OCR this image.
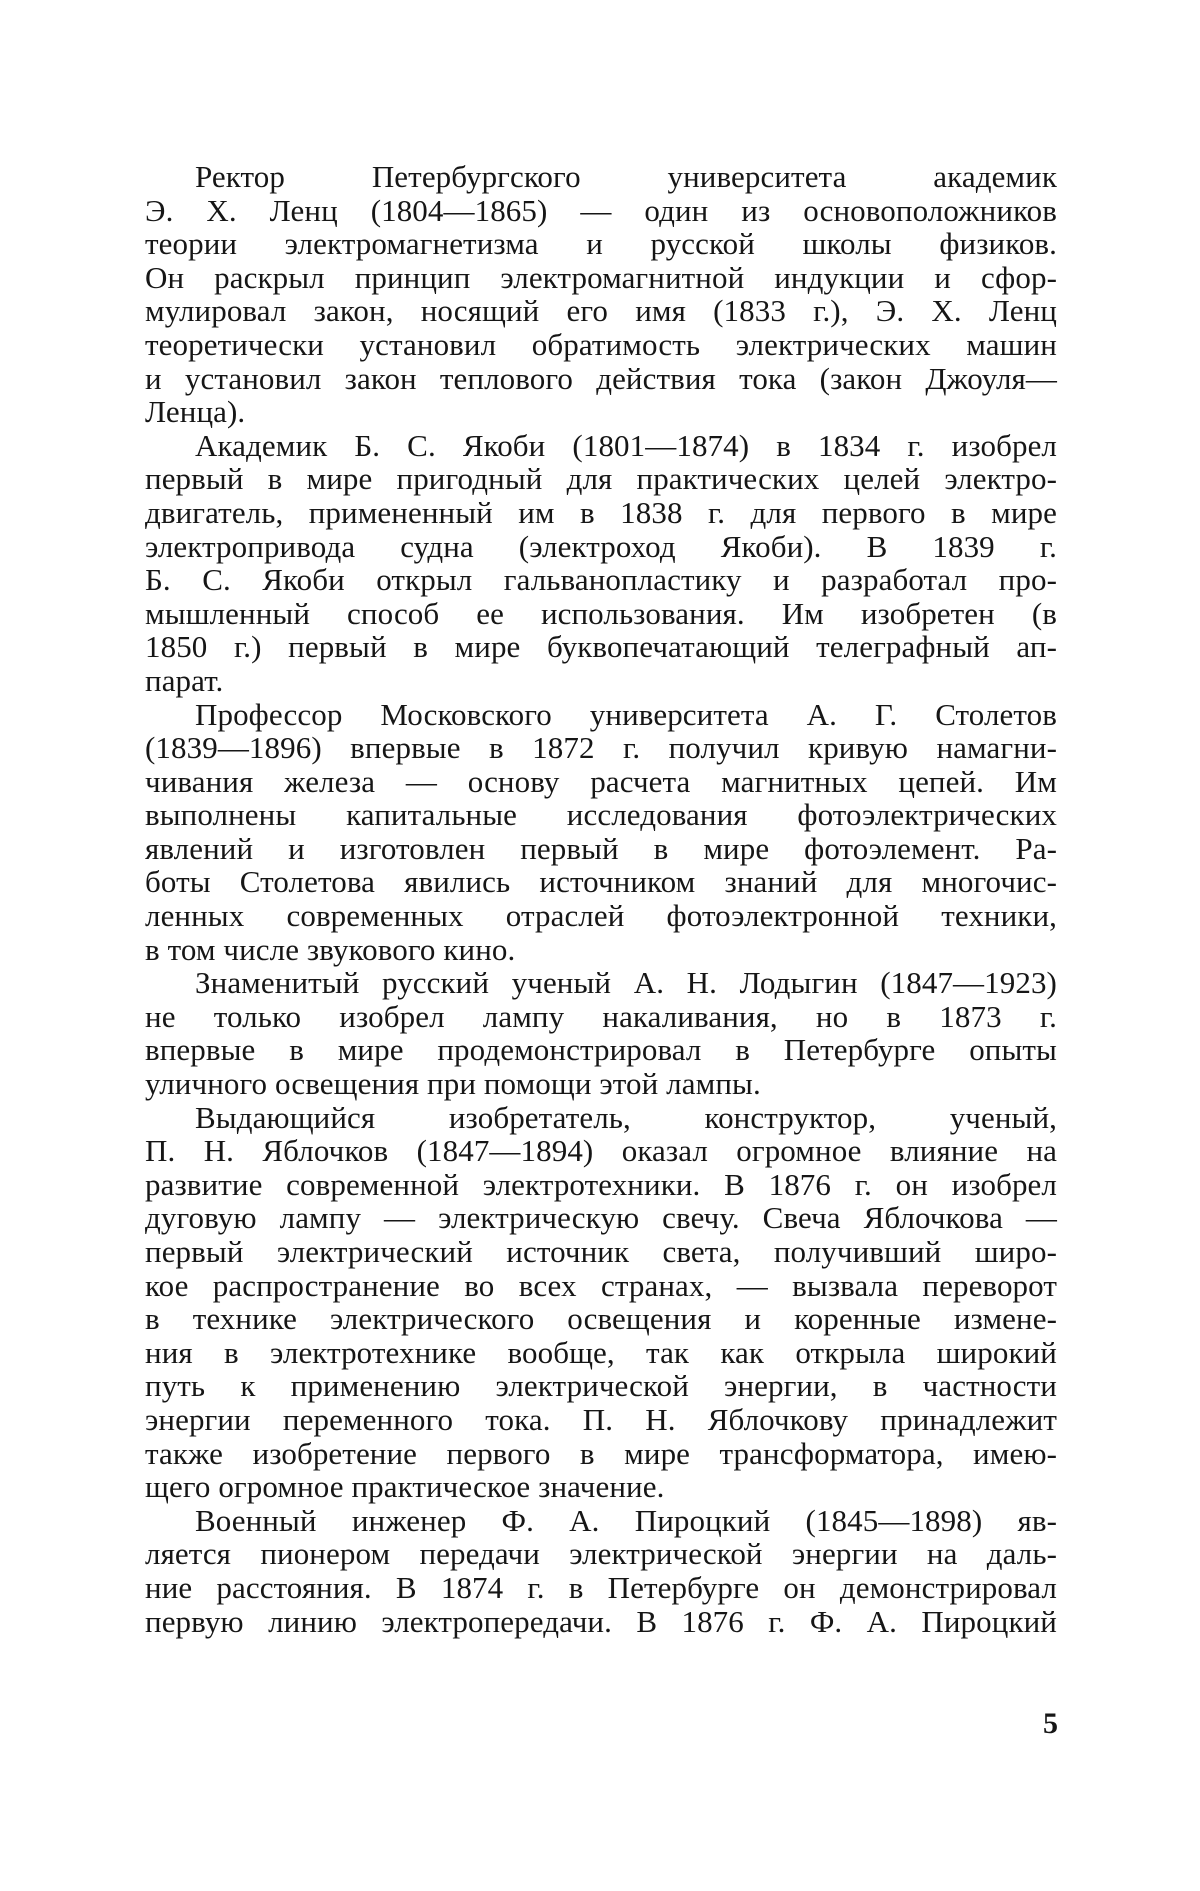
Ректор Петербургского университета академик
Э. Х. Ленц (1804—1865) — один из основоположников
теории электромагнетизма и русской школы физиков.
Он раскрыл принцип электромагнитной индукции и сфор-
мулировал закон, носящий его имя (1833 г.), Э. Х. Ленц
теоретически установил обратимость электрических машин
и установил закон теплового действия тока (закон Джоуля—
Ленца).

Академик Б. С. Якоби (1801—1874) в 1834 г. изобрел
первый в мире пригодный для практических целей электро-
двигатель, примененный им в 1838 г. для первого в мире
электропривода судна (электроход Якоби). В 1839 г.
Б. С. Якоби открыл гальванопластику и разработал про-
мышленный способ ее использования. Им изобретен (в
1850 г.) первый в мире буквопечатающий телеграфный ап-
парат.

Профессор Московского университета А. Г. Столетов
(1839—1896) впервые в 1872 г. получил кривую намагни-
чивания железа — основу расчета магнитных цепей. Им
выполнены капитальные исследования фотоэлектрических
явлений и изготовлен первый в мире фотоэлемент. Ра-
боты Столетова явились источником знаний для многочис-
ленных современных отраслей фотоэлектронной техники,
в том числе звукового кино.

Знаменитый русский ученый А. Н. Лодыгин (1847—1923)
не только изобрел лампу накаливания, но в 1873 г.
впервые в мире продемонстрировал в Петербурге опыты
уличного освещения при помощи этой лампы.

Выдающийся изобретатель, конструктор, ученый,
П. Н. Яблочков (1847—1894) оказал огромное влияние на
развитие современной электротехники. В 1876 г. он изобрел
дуговую лампу — электрическую свечу. Свеча Яблочкова —
первый электрический источник света, получивший широ-
кое распространение во всех странах, — вызвала переворот
в технике электрического освещения и коренные измене-
ния в электротехнике вообще, так как открыла широкий
путь к применению электрической энергии, в частности
энергии переменного тока. П. Н. Яблочкову принадлежит
также изобретение первого в мире трансформатора, имею-
щего огромное практическое значение.

Военный инженер Ф. А. Пироцкий (1845—1898) яв-
ляется пионером передачи электрической энергии на даль-
ние расстояния. В 1874 г. в Петербурге он демонстрировал
первую линию электропередачи. В 1876 г. Ф. А. Пироцкий

5
